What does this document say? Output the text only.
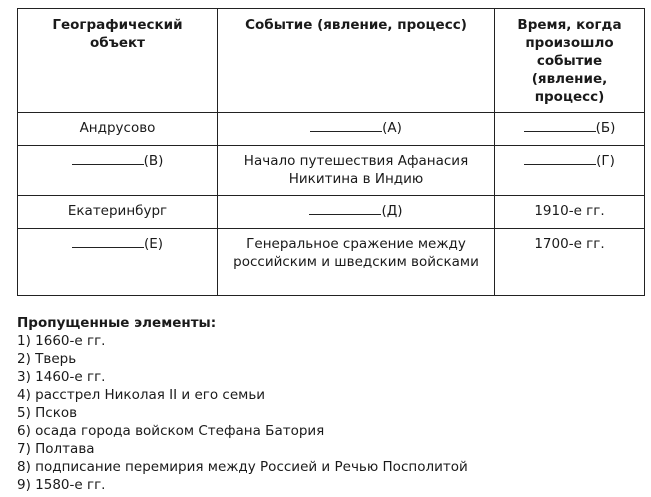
Географический объект	Событие (явление, процесс)	Время, когда произошло событие (явление, процесс)
Андрусово	(А)	(Б)
(В)	Начало путешествия Афанасия Никитина в Индию	(Г)
Екатеринбург	(Д)	1910-е гг.
(Е)	Генеральное сражение между российским и шведским войсками	1700-е гг.
Пропущенные элементы:
1) 1660-е гг.
2) Тверь
3) 1460-е гг.
4) расстрел Николая II и его семьи
5) Псков
6) осада города войском Стефана Батория
7) Полтава
8) подписание перемирия между Россией и Речью Посполитой
9) 1580-е гг.
